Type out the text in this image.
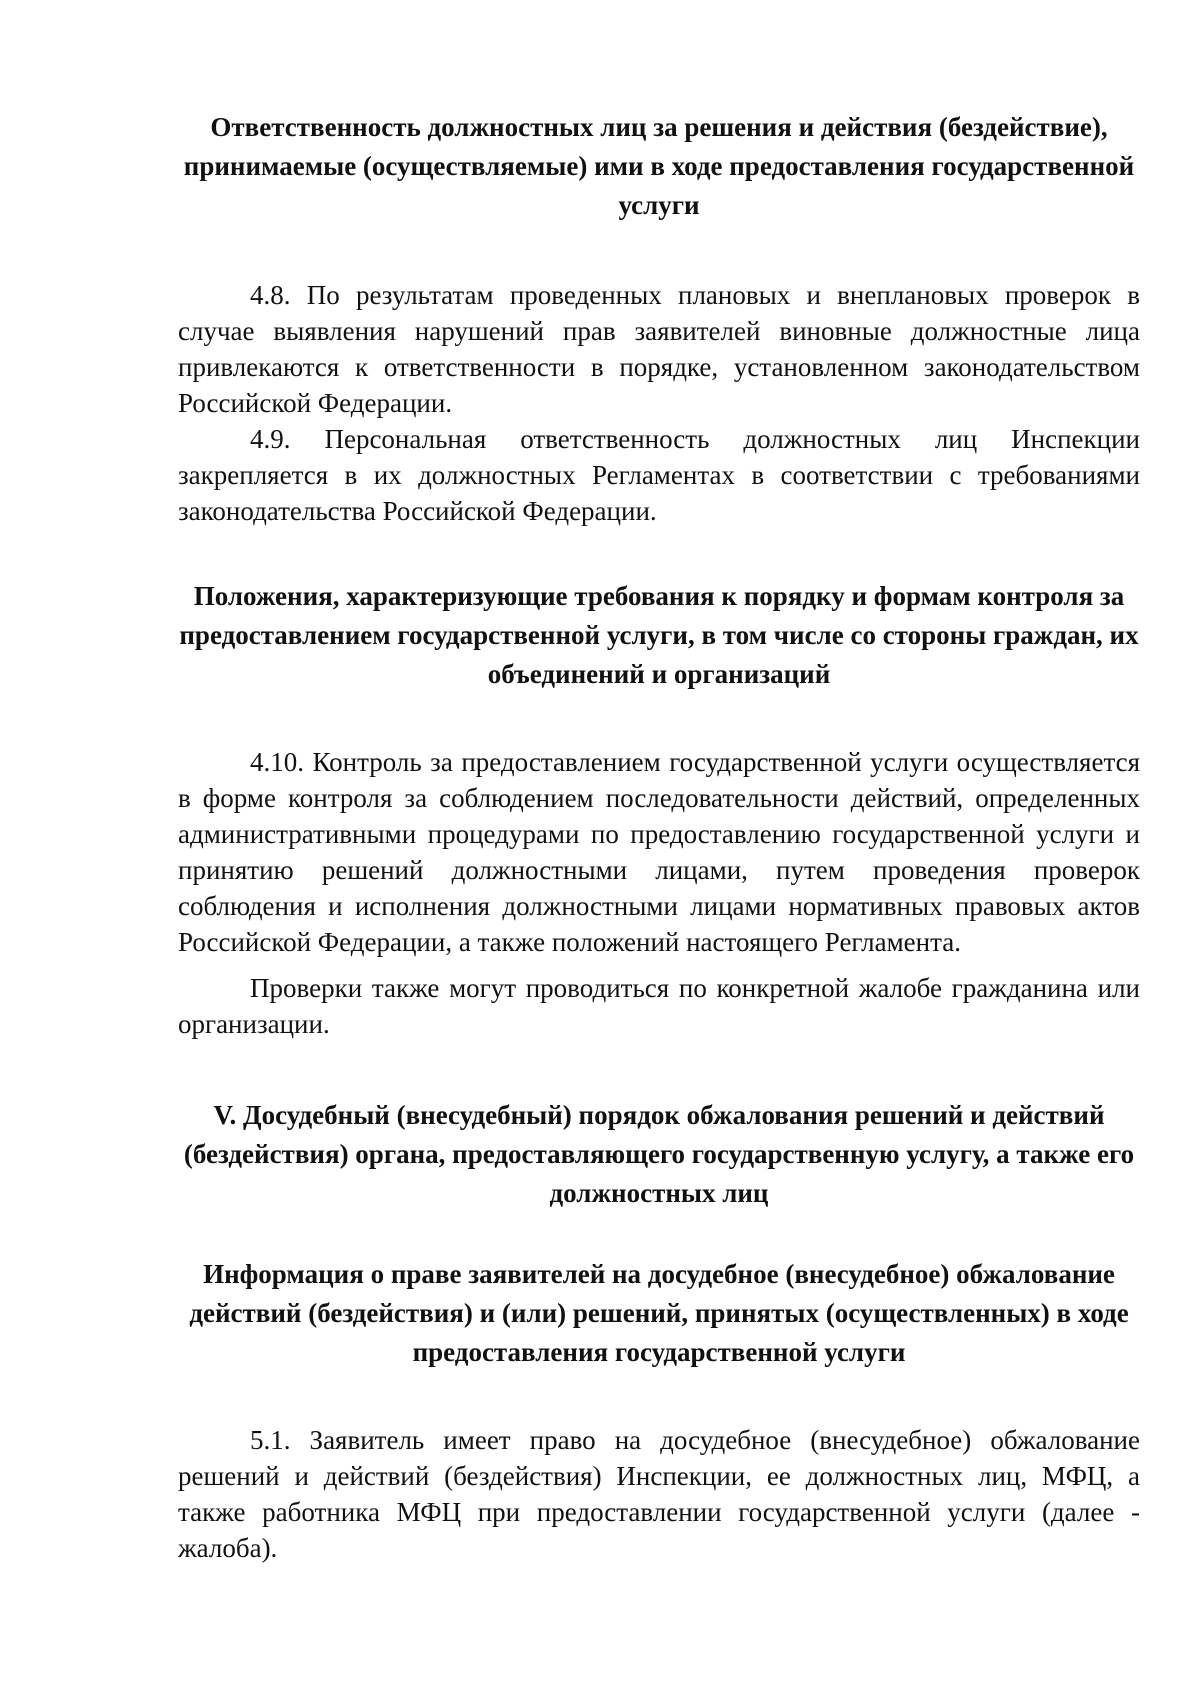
Ответственность должностных лиц за решения и действия (бездействие), принимаемые (осуществляемые) ими в ходе предоставления государственной услуги

4.8. По результатам проведенных плановых и внеплановых проверок в случае выявления нарушений прав заявителей виновные должностные лица привлекаются к ответственности в порядке, установленном законодательством Российской Федерации.

4.9. Персональная ответственность должностных лиц Инспекции закрепляется в их должностных Регламентах в соответствии с требованиями законодательства Российской Федерации.

Положения, характеризующие требования к порядку и формам контроля за предоставлением государственной услуги, в том числе со стороны граждан, их объединений и организаций

4.10. Контроль за предоставлением государственной услуги осуществляется в форме контроля за соблюдением последовательности действий, определенных административными процедурами по предоставлению государственной услуги и принятию решений должностными лицами, путем проведения проверок соблюдения и исполнения должностными лицами нормативных правовых актов Российской Федерации, а также положений настоящего Регламента.

Проверки также могут проводиться по конкретной жалобе гражданина или организации.

V. Досудебный (внесудебный) порядок обжалования решений и действий (бездействия) органа, предоставляющего государственную услугу, а также его должностных лиц

Информация о праве заявителей на досудебное (внесудебное) обжалование действий (бездействия) и (или) решений, принятых (осуществленных) в ходе предоставления государственной услуги

5.1. Заявитель имеет право на досудебное (внесудебное) обжалование решений и действий (бездействия) Инспекции, ее должностных лиц, МФЦ, а также работника МФЦ при предоставлении государственной услуги (далее - жалоба).
